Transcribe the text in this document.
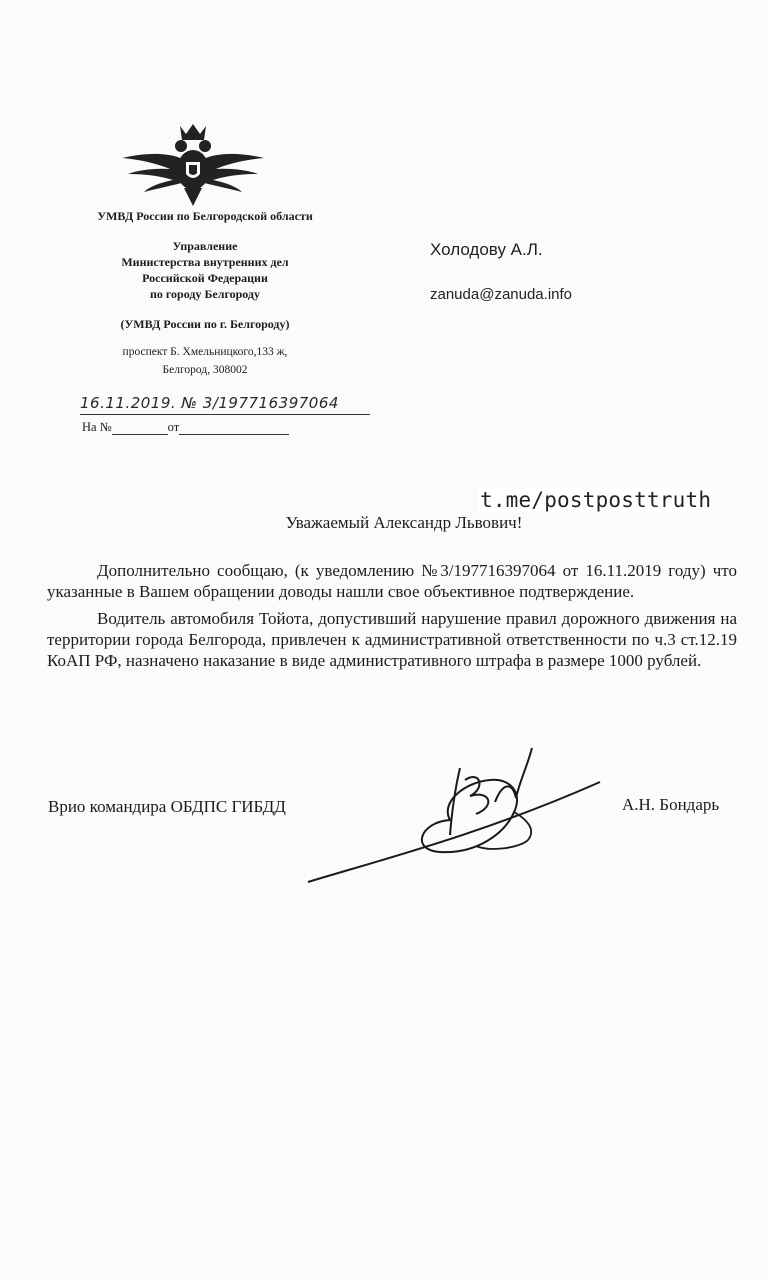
УМВД России по Белгородской области
Управление
Министерства внутренних дел
Российской Федерации
по городу Белгороду
(УМВД России по г. Белгороду)
проспект Б. Хмельницкого,133 ж,
Белгород, 308002
16.11.2019. № 3/197716397064
На №	от
Холодову А.Л.
zanuda@zanuda.info
t.me/postposttruth
Уважаемый Александр Львович!

Дополнительно сообщаю, (к уведомлению №3/197716397064 от 16.11.2019 году) что указанные в Вашем обращении доводы нашли свое объективное подтверждение.

Водитель автомобиля Тойота, допустивший нарушение правил дорожного движения на территории города Белгорода, привлечен к административной ответственности по ч.3 ст.12.19 КоАП РФ, назначено наказание в виде административного штрафа в размере 1000 рублей.

Врио командира ОБДПС ГИБДД	А.Н. Бондарь
